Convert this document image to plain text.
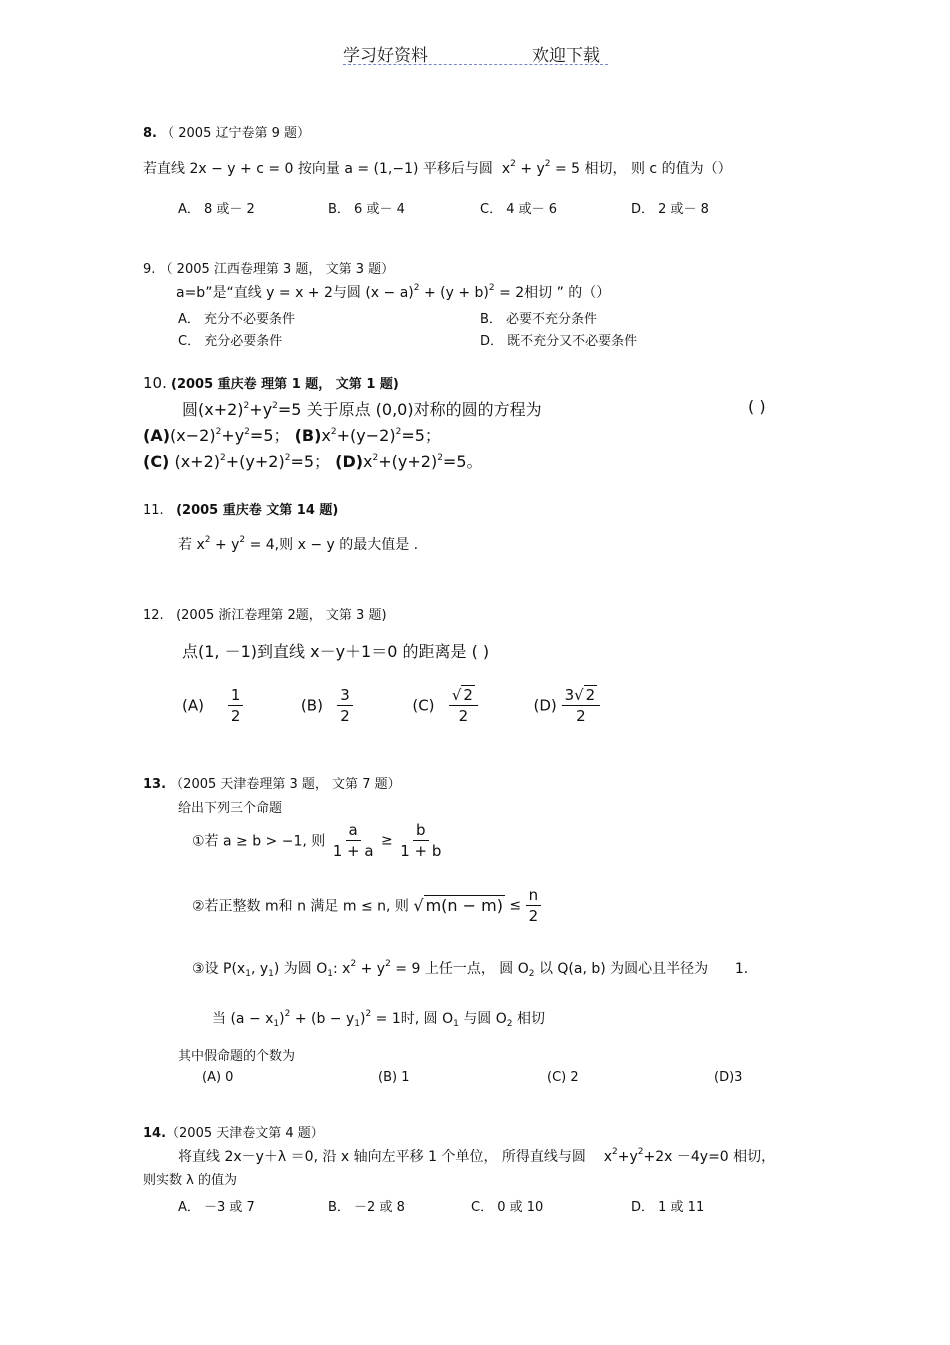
学习好资料	欢迎下载
8. （ 2005 辽宁卷第 9 题）
若直线 2x − y + c = 0 按向量 a = (1,−1) 平移后与圆 $x^2 + y^2 = 5$ 相切， 则 c 的值为（）
A． 8 或－ 2	B． 6 或－ 4	C． 4 或－ 6	D． 2 或－ 8
9. （ 2005 江西卷理第 3 题， 文第 3 题）
a=b”是“直线 y = x + 2与圆 $(x - a)^2 + (y + b)^2 = 2$相切 ” 的（）
A． 充分不必要条件	B． 必要不充分条件
C． 充分必要条件	D． 既不充分又不必要条件
10. (2005 重庆卷 理第 1 题， 文第 1 题)
圆$(x+2)^2+y^2=5$ 关于原点 (0,0)对称的圆的方程为	( )
$(A)(x-2)^2+y^2=5$； $(B)x^2+(y-2)^2=5$；
(C) $(x+2)^2+(y+2)^2=5$； $(D)x^2+(y+2)^2=5$。
11. (2005 重庆卷 文第 14 题)
若 $x^2 + y^2 = 4$,则 x − y 的最大值是 .
12. (2005 浙江卷理第 2题， 文第 3 题)
点(1, －1)到直线 x－y＋1＝0 的距离是 ( )
$(A) \frac{1}{2}$	$(B) \frac{3}{2}$	$(C) \frac{√ 2}{2}$	$(D) \frac{3√ 2}{2}$
13. （2005 天津卷理第 3 题， 文第 7 题）
给出下列三个命题
①若 a ≥ b > −1, 则 $\frac{a}{1 + a} \ge \frac{b}{1 + b}$
②若正整数 m和 n 满足 m ≤ n, 则 √ $m(n - m) \le \frac{n}{2}$
③设 $P(x_1$, $y_1$) 为圆 $O_1$: $x^2 + y^2 = 9$ 上任一点， 圆 $O_2$ 以 Q(a, b) 为圆心且半径为 1.
当 $(a - x_1)^2 + (b - y_1)^2 = 1$时, 圆 $O_1$ 与圆 $O_2$ 相切
其中假命题的个数为
(A) 0	(B) 1	(C) 2	(D)3
14.（2005 天津卷文第 4 题）
将直线 2x－y＋λ ＝0, 沿 x 轴向左平移 1 个单位， 所得直线与圆 $x^2+y^2+2x -4y=0$ 相切，
则实数 λ 的值为
A． －3 或 7	B． －2 或 8	C． 0 或 10	D． 1 或 11
